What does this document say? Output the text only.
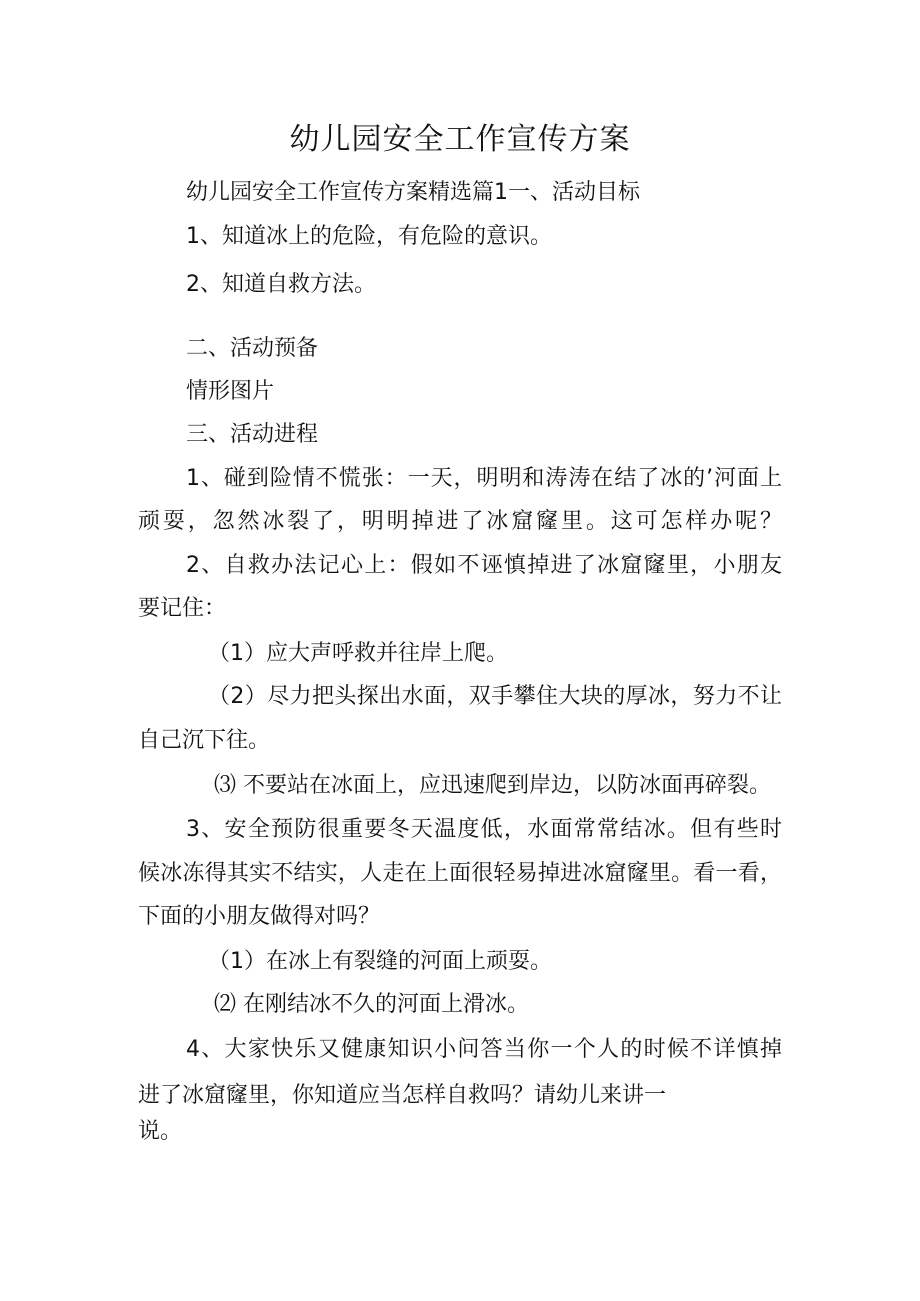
幼儿园安全工作宣传方案
幼儿园安全工作宣传方案精选篇1一、活动目标
1、知道冰上的危险，有危险的意识。
2、知道自救方法。
二、活动预备
情形图片
三、活动进程
1、碰到险情不慌张：一天，明明和涛涛在结了冰的’河面上
顽耍，忽然冰裂了，明明掉进了冰窟窿里。这可怎样办呢？
2、自救办法记心上：假如不诬慎掉进了冰窟窿里，小朋友
要记住：
（1）应大声呼救并往岸上爬。
（2）尽力把头探出水面，双手攀住大块的厚冰，努力不让
自己沉下往。
⑶ 不要站在冰面上，应迅速爬到岸边，以防冰面再碎裂。
3、安全预防很重要冬天温度低，水面常常结冰。但有些时
候冰冻得其实不结实，人走在上面很轻易掉进冰窟窿里。看一看，
下面的小朋友做得对吗？
（1）在冰上有裂缝的河面上顽耍。
⑵ 在刚结冰不久的河面上滑冰。
4、大家快乐又健康知识小问答当你一个人的时候不详慎掉
进了冰窟窿里，你知道应当怎样自救吗？请幼儿来讲一
说。
